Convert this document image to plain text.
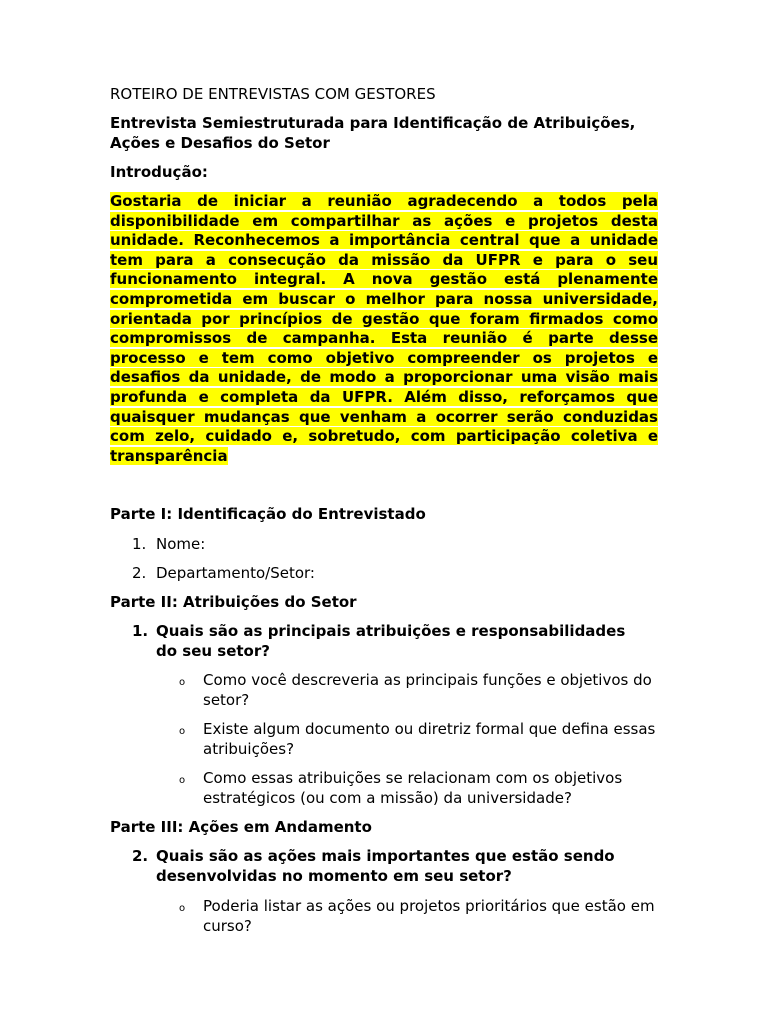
ROTEIRO DE ENTREVISTAS COM GESTORES

Entrevista Semiestruturada para Identificação de Atribuições, Ações e Desafios do Setor

Introdução:

Gostaria de iniciar a reunião agradecendo a todos pela disponibilidade em compartilhar as ações e projetos desta unidade. Reconhecemos a importância central que a unidade tem para a consecução da missão da UFPR e para o seu funcionamento integral. A nova gestão está plenamente comprometida em buscar o melhor para nossa universidade, orientada por princípios de gestão que foram firmados como compromissos de campanha. Esta reunião é parte desse processo e tem como objetivo compreender os projetos e desafios da unidade, de modo a proporcionar uma visão mais profunda e completa da UFPR. Além disso, reforçamos que quaisquer mudanças que venham a ocorrer serão conduzidas com zelo, cuidado e, sobretudo, com participação coletiva e transparência

Parte I: Identificação do Entrevistado

1. Nome:
2. Departamento/Setor:

Parte II: Atribuições do Setor

1. Quais são as principais atribuições e responsabilidades do seu setor?
o Como você descreveria as principais funções e objetivos do setor?
o Existe algum documento ou diretriz formal que defina essas atribuições?
o Como essas atribuições se relacionam com os objetivos estratégicos (ou com a missão) da universidade?

Parte III: Ações em Andamento

2. Quais são as ações mais importantes que estão sendo desenvolvidas no momento em seu setor?
o Poderia listar as ações ou projetos prioritários que estão em curso?
